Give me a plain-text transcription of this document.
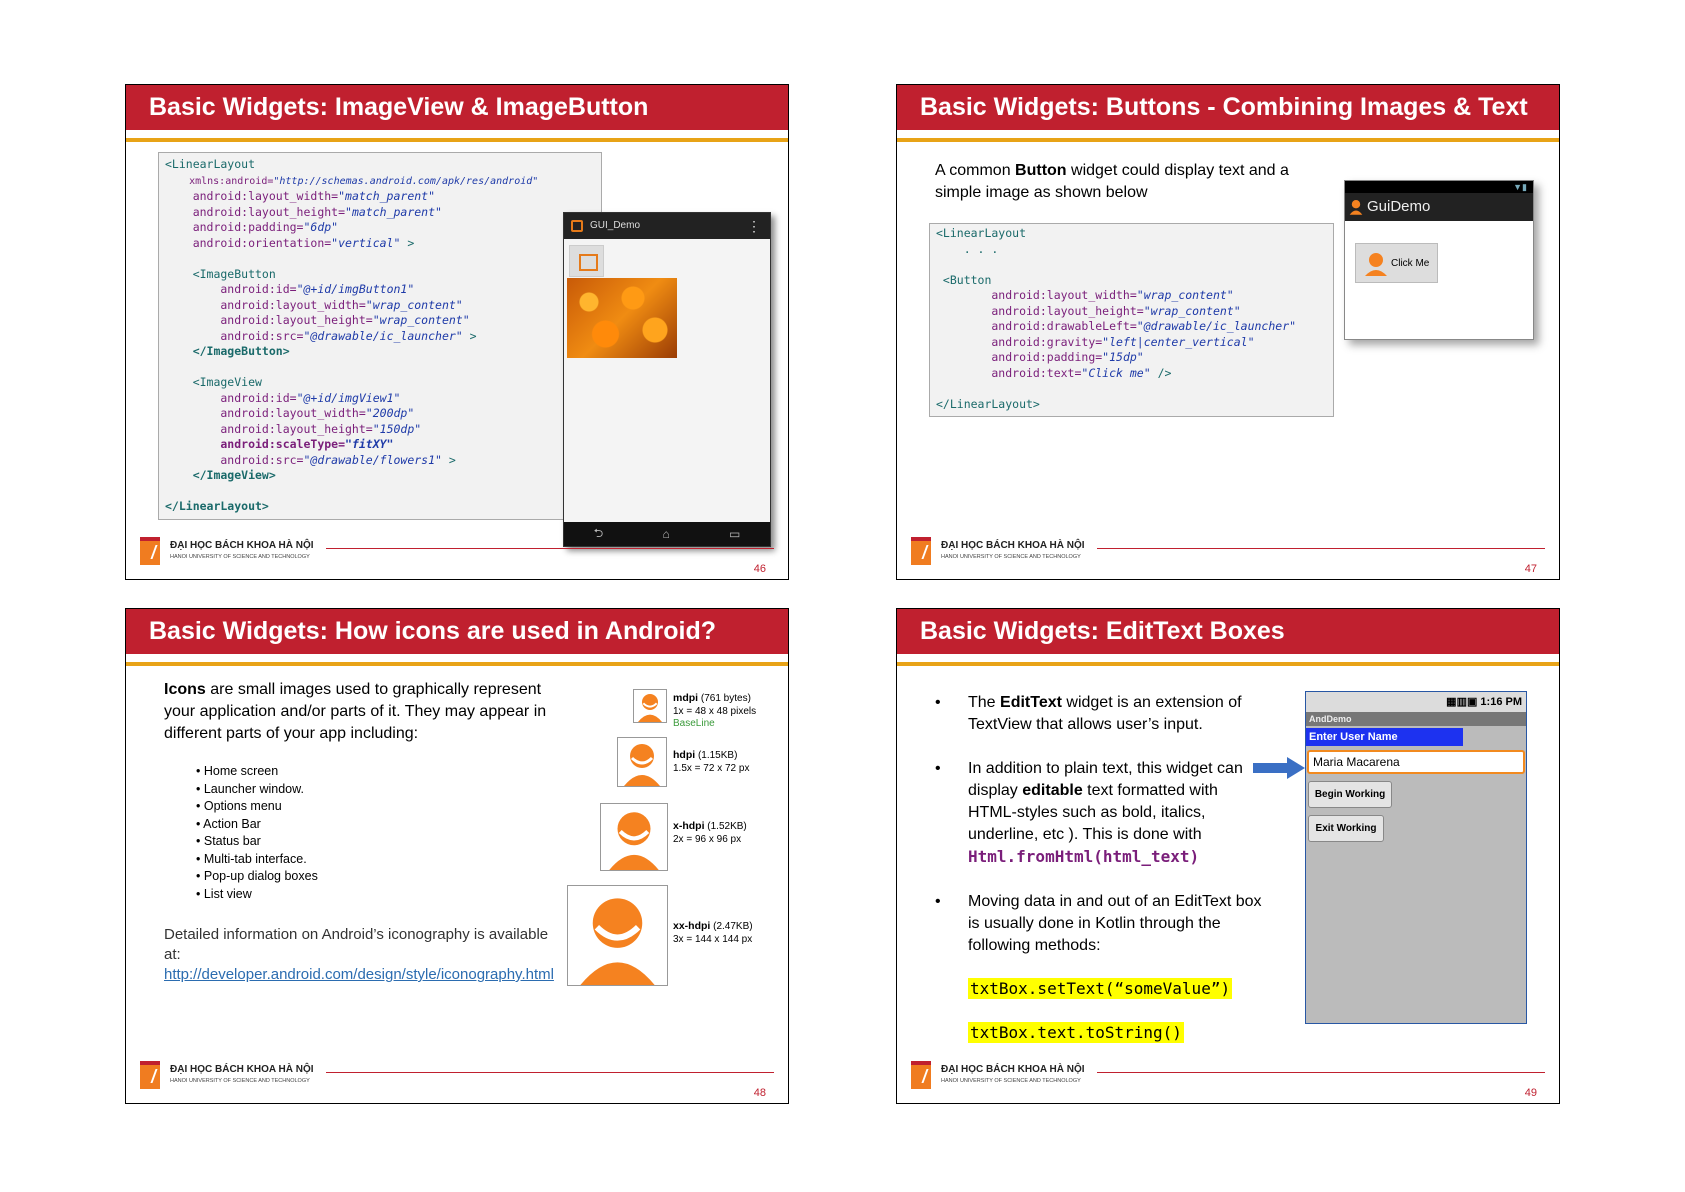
Basic Widgets: ImageView & ImageButton
<LinearLayout
xmlns:android="http://schemas.android.com/apk/res/android"
android:layout_width="match_parent"
android:layout_height="match_parent"
android:padding="6dp"
android:orientation="vertical" >

<ImageButton
android:id="@+id/imgButton1"
android:layout_width="wrap_content"
android:layout_height="wrap_content"
android:src="@drawable/ic_launcher" >
</ImageButton>

<ImageView
android:id="@+id/imgView1"
android:layout_width="200dp"
android:layout_height="150dp"
android:scaleType="fitXY"
android:src="@drawable/flowers1" >
</ImageView>

</LinearLayout>
GUI_Demo	⋮
⮌	⌂	▭
ĐẠI HỌC BÁCH KHOA HÀ NỘI
HANOI UNIVERSITY OF SCIENCE AND TECHNOLOGY
46
Basic Widgets: Buttons - Combining Images & Text
A common Button widget could display text and a simple image as shown below
<LinearLayout
. . .

<Button
android:layout_width="wrap_content"
android:layout_height="wrap_content"
android:drawableLeft="@drawable/ic_launcher"
android:gravity="left|center_vertical"
android:padding="15dp"
android:text="Click me" />

</LinearLayout>
▼▮
GuiDemo
Click Me
ĐẠI HỌC BÁCH KHOA HÀ NỘI
HANOI UNIVERSITY OF SCIENCE AND TECHNOLOGY
47
Basic Widgets: How icons are used in Android?
Icons are small images used to graphically represent your application and/or parts of it. They may appear in different parts of your app including:
• Home screen
• Launcher window.
• Options menu
• Action Bar
• Status bar
• Multi-tab interface.
• Pop-up dialog boxes
• List view
Detailed information on Android’s iconography is available at: http://developer.android.com/design/style/iconography.html
mdpi (761 bytes)
1x = 48 x 48 pixels
BaseLine
hdpi (1.15KB)
1.5x = 72 x 72 px
x-hdpi (1.52KB)
2x = 96 x 96 px
xx-hdpi (2.47KB)
3x = 144 x 144 px
ĐẠI HỌC BÁCH KHOA HÀ NỘI
HANOI UNIVERSITY OF SCIENCE AND TECHNOLOGY
48
Basic Widgets: EditText Boxes
• The EditText widget is an extension of TextView that allows user’s input.
• In addition to plain text, this widget can display editable text formatted with HTML-styles such as bold, italics, underline, etc ). This is done with Html.fromHtml(html_text)
• Moving data in and out of an EditText box is usually done in Kotlin through the following methods:
txtBox.setText(“someValue”)
txtBox.text.toString()
▦▥▣ 1:16 PM
AndDemo
Enter User Name
Maria Macarena
Begin Working
Exit Working
ĐẠI HỌC BÁCH KHOA HÀ NỘI
HANOI UNIVERSITY OF SCIENCE AND TECHNOLOGY
49
